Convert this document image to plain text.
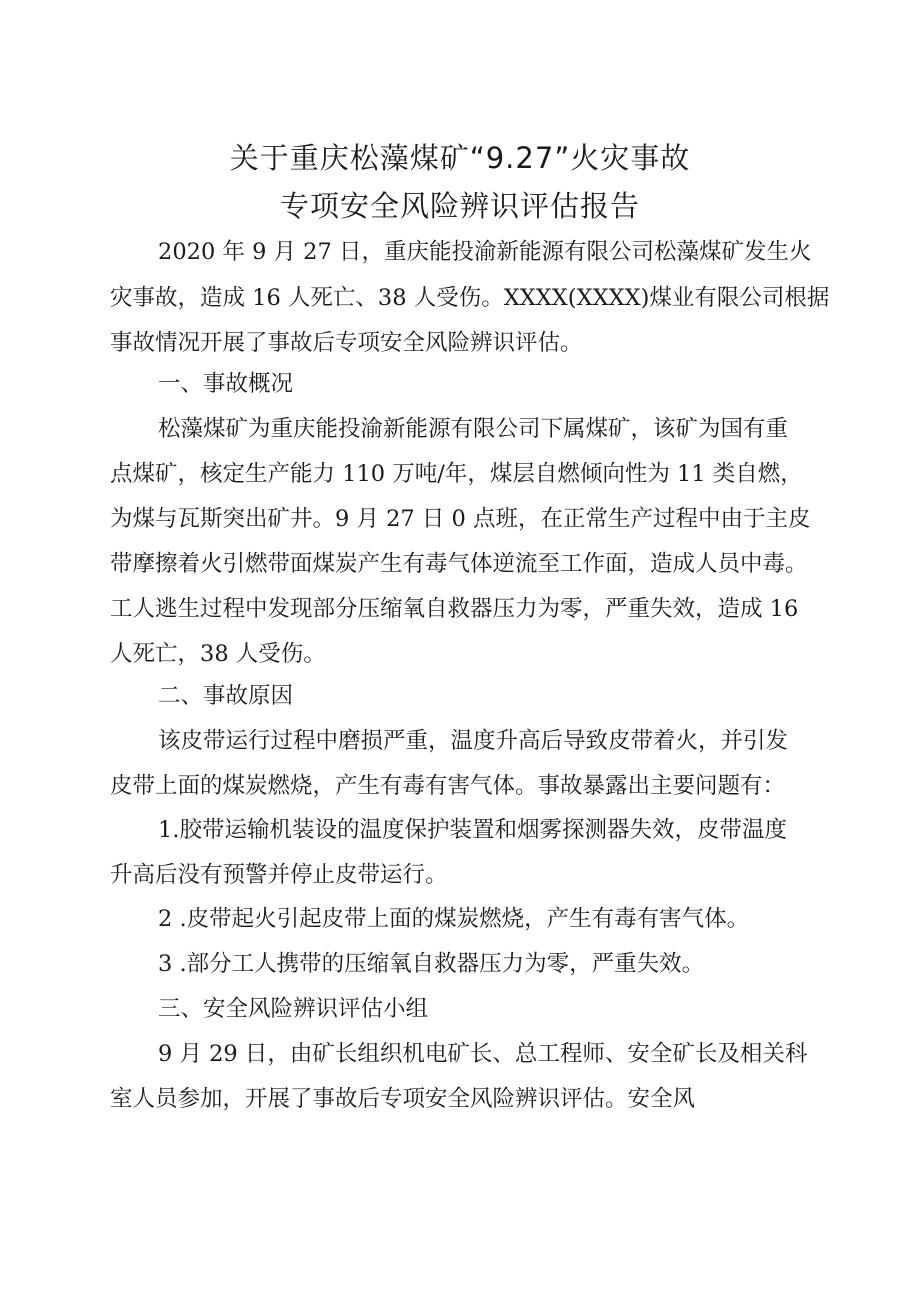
关于重庆松藻煤矿“9.27”火灾事故
专项安全风险辨识评估报告
2020 年 9 月 27 日，重庆能投渝新能源有限公司松藻煤矿发生火
灾事故，造成 16 人死亡、38 人受伤。XXXX(XXXX)煤业有限公司根据
事故情况开展了事故后专项安全风险辨识评估。
一、事故概况
松藻煤矿为重庆能投渝新能源有限公司下属煤矿，该矿为国有重
点煤矿，核定生产能力 110 万吨/年，煤层自燃倾向性为 11 类自燃，
为煤与瓦斯突出矿井。9 月 27 日 0 点班，在正常生产过程中由于主皮
带摩擦着火引燃带面煤炭产生有毒气体逆流至工作面，造成人员中毒。
工人逃生过程中发现部分压缩氧自救器压力为零，严重失效，造成 16
人死亡，38 人受伤。
二、事故原因
该皮带运行过程中磨损严重，温度升高后导致皮带着火，并引发
皮带上面的煤炭燃烧，产生有毒有害气体。事故暴露出主要问题有：
1.胶带运输机装设的温度保护装置和烟雾探测器失效，皮带温度
升高后没有预警并停止皮带运行。
2 .皮带起火引起皮带上面的煤炭燃烧，产生有毒有害气体。
3 .部分工人携带的压缩氧自救器压力为零，严重失效。
三、安全风险辨识评估小组
9 月 29 日，由矿长组织机电矿长、总工程师、安全矿长及相关科
室人员参加，开展了事故后专项安全风险辨识评估。安全风
